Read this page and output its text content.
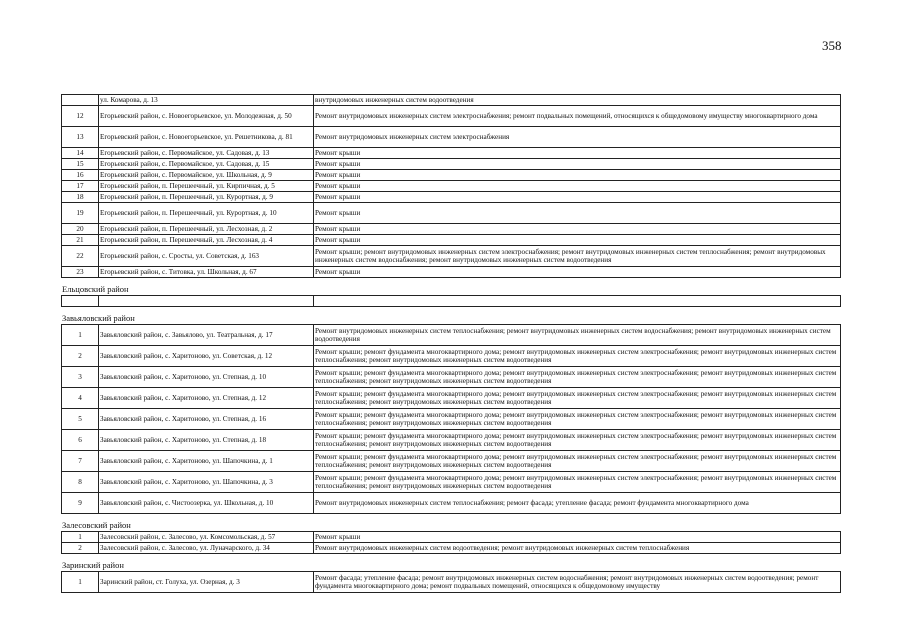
358
	ул. Комарова, д. 13	внутридомовых инженерных систем водоотведения
12	Егорьевский район, с. Новоегорьевское, ул. Молодежная, д. 50	Ремонт внутридомовых инженерных систем электроснабжения; ремонт подвальных помещений, относящихся к общедомовому имуществу многоквартирного дома
13	Егорьевский район, с. Новоегорьевское, ул. Решетникова, д. 81	Ремонт внутридомовых инженерных систем электроснабжения
14	Егорьевский район, с. Первомайское, ул. Садовая, д. 13	Ремонт крыши
15	Егорьевский район, с. Первомайское, ул. Садовая, д. 15	Ремонт крыши
16	Егорьевский район, с. Первомайское, ул. Школьная, д. 9	Ремонт крыши
17	Егорьевский район, п. Перешеечный, ул. Кирпичная, д. 5	Ремонт крыши
18	Егорьевский район, п. Перешеечный, ул. Курортная, д. 9	Ремонт крыши
19	Егорьевский район, п. Перешеечный, ул. Курортная, д. 10	Ремонт крыши
20	Егорьевский район, п. Перешеечный, ул. Лесхозная, д. 2	Ремонт крыши
21	Егорьевский район, п. Перешеечный, ул. Лесхозная, д. 4	Ремонт крыши
22	Егорьевский район, с. Сросты, ул. Советская, д. 163	Ремонт крыши; ремонт внутридомовых инженерных систем электроснабжения; ремонт внутридомовых инженерных систем теплоснабжения; ремонт внутридомовых инженерных систем водоснабжения; ремонт внутридомовых инженерных систем водоотведения
23	Егорьевский район, с. Титовка, ул. Школьная, д. 67	Ремонт крыши
Ельцовский район

Завьяловский район
1	Завьяловский район, с. Завьялово, ул. Театральная, д. 17	Ремонт внутридомовых инженерных систем теплоснабжения; ремонт внутридомовых инженерных систем водоснабжения; ремонт внутридомовых инженерных систем водоотведения
2	Завьяловский район, с. Харитоново, ул. Советская, д. 12	Ремонт крыши; ремонт фундамента многоквартирного дома; ремонт внутридомовых инженерных систем электроснабжения; ремонт внутридомовых инженерных систем теплоснабжения; ремонт внутридомовых инженерных систем водоотведения
3	Завьяловский район, с. Харитоново, ул. Степная, д. 10	Ремонт крыши; ремонт фундамента многоквартирного дома; ремонт внутридомовых инженерных систем электроснабжения; ремонт внутридомовых инженерных систем теплоснабжения; ремонт внутридомовых инженерных систем водоотведения
4	Завьяловский район, с. Харитоново, ул. Степная, д. 12	Ремонт крыши; ремонт фундамента многоквартирного дома; ремонт внутридомовых инженерных систем электроснабжения; ремонт внутридомовых инженерных систем теплоснабжения; ремонт внутридомовых инженерных систем водоотведения
5	Завьяловский район, с. Харитоново, ул. Степная, д. 16	Ремонт крыши; ремонт фундамента многоквартирного дома; ремонт внутридомовых инженерных систем электроснабжения; ремонт внутридомовых инженерных систем теплоснабжения; ремонт внутридомовых инженерных систем водоотведения
6	Завьяловский район, с. Харитоново, ул. Степная, д. 18	Ремонт крыши; ремонт фундамента многоквартирного дома; ремонт внутридомовых инженерных систем электроснабжения; ремонт внутридомовых инженерных систем теплоснабжения; ремонт внутридомовых инженерных систем водоотведения
7	Завьяловский район, с. Харитоново, ул. Шапочкина, д. 1	Ремонт крыши; ремонт фундамента многоквартирного дома; ремонт внутридомовых инженерных систем электроснабжения; ремонт внутридомовых инженерных систем теплоснабжения; ремонт внутридомовых инженерных систем водоотведения
8	Завьяловский район, с. Харитоново, ул. Шапочкина, д. 3	Ремонт крыши; ремонт фундамента многоквартирного дома; ремонт внутридомовых инженерных систем электроснабжения; ремонт внутридомовых инженерных систем теплоснабжения; ремонт внутридомовых инженерных систем водоотведения
9	Завьяловский район, с. Чистоозерка, ул. Школьная, д. 10	Ремонт внутридомовых инженерных систем теплоснабжения; ремонт фасада; утепление фасада; ремонт фундамента многоквартирного дома
Залесовский район
1	Залесовский район, с. Залесово, ул. Комсомольская, д. 57	Ремонт крыши
2	Залесовский район, с. Залесово, ул. Луначарского, д. 34	Ремонт внутридомовых инженерных систем водоотведения; ремонт внутридомовых инженерных систем теплоснабжения
Заринский район
1	Заринский район, ст. Голуха, ул. Озерная, д. 3	Ремонт фасада; утепление фасада; ремонт внутридомовых инженерных систем водоснабжения; ремонт внутридомовых инженерных систем водоотведения; ремонт фундамента многоквартирного дома; ремонт подвальных помещений, относящихся к общедомовому имуществу
